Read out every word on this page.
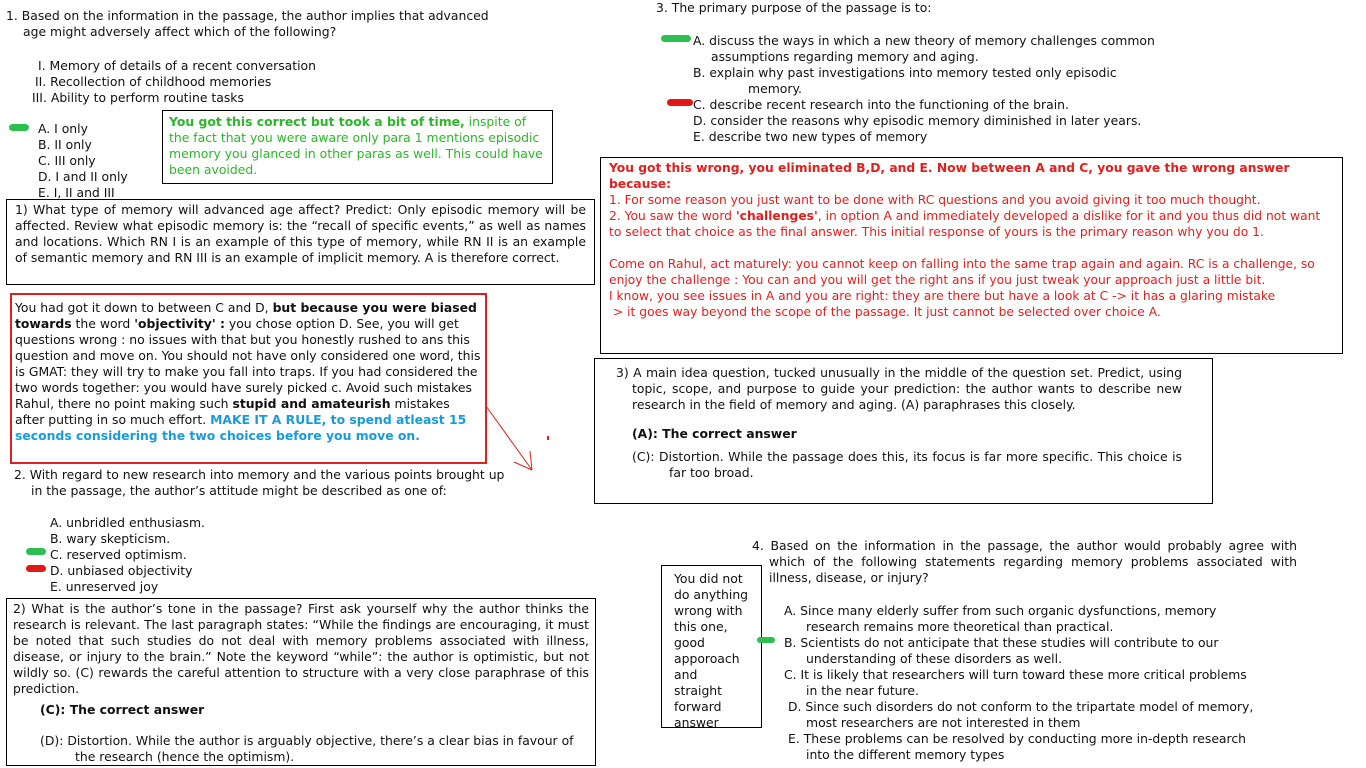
1. Based on the information in the passage, the author implies that advanced
age might adversely affect which of the following?
I. Memory of details of a recent conversation
II. Recollection of childhood memories
III. Ability to perform routine tasks
A. I only
B. II only
C. III only
D. I and II only
E. I, II and III
You got this correct but took a bit of time, inspite of the fact that you were aware only para 1 mentions episodic memory you glanced in other paras as well. This could have been avoided.
1) What type of memory will advanced age affect? Predict: Only episodic memory will be affected. Review what episodic memory is: the “recall of specific events,” as well as names and locations. Which RN I is an example of this type of memory, while RN II is an example of semantic memory and RN III is an example of implicit memory. A is therefore correct.
You had got it down to between C and D, but because you were biased towards the word 'objectivity' : you chose option D. See, you will get questions wrong : no issues with that but you honestly rushed to ans this question and move on. You should not have only considered one word, this is GMAT: they will try to make you fall into traps. If you had considered the two words together: you would have surely picked c. Avoid such mistakes Rahul, there no point making such stupid and amateurish mistakes after putting in so much effort. MAKE IT A RULE, to spend atleast 15 seconds considering the two choices before you move on.
2. With regard to new research into memory and the various points brought up
in the passage, the author’s attitude might be described as one of:
A. unbridled enthusiasm.
B. wary skepticism.
C. reserved optimism.
D. unbiased objectivity
E. unreserved joy
2) What is the author’s tone in the passage? First ask yourself why the author thinks the research is relevant. The last paragraph states: “While the findings are encouraging, it must be noted that such studies do not deal with memory problems associated with illness, disease, or injury to the brain.” Note the keyword “while”: the author is optimistic, but not wildly so. (C) rewards the careful attention to structure with a very close paraphrase of this prediction.
(C): The correct answer
(D): Distortion. While the author is arguably objective, there’s a clear bias in favour of the research (hence the optimism).
3. The primary purpose of the passage is to:
A. discuss the ways in which a new theory of memory challenges common
assumptions regarding memory and aging.
B. explain why past investigations into memory tested only episodic
memory.
C. describe recent research into the functioning of the brain.
D. consider the reasons why episodic memory diminished in later years.
E. describe two new types of memory
You got this wrong, you eliminated B,D, and E. Now between A and C, you gave the wrong answer because:
1. For some reason you just want to be done with RC questions and you avoid giving it too much thought.
2. You saw the word 'challenges', in option A and immediately developed a dislike for it and you thus did not want to select that choice as the final answer. This initial response of yours is the primary reason why you do 1.
Come on Rahul, act maturely: you cannot keep on falling into the same trap again and again. RC is a challenge, so enjoy the challenge : You can and you will get the right ans if you just tweak your approach just a little bit.
I know, you see issues in A and you are right: they are there but have a look at C -> it has a glaring mistake
> it goes way beyond the scope of the passage. It just cannot be selected over choice A.
3) A main idea question, tucked unusually in the middle of the question set. Predict, using topic, scope, and purpose to guide your prediction: the author wants to describe new research in the field of memory and aging. (A) paraphrases this closely.
(A): The correct answer
(C): Distortion. While the passage does this, its focus is far more specific. This choice is far too broad.
4. Based on the information in the passage, the author would probably agree with which of the following statements regarding memory problems associated with illness, disease, or injury?
You did not do anything wrong with this one, good apporoach and straight forward answer
A. Since many elderly suffer from such organic dysfunctions, memory
research remains more theoretical than practical.
B. Scientists do not anticipate that these studies will contribute to our
understanding of these disorders as well.
C. It is likely that researchers will turn toward these more critical problems
in the near future.
D. Since such disorders do not conform to the tripartate model of memory,
most researchers are not interested in them
E. These problems can be resolved by conducting more in-depth research
into the different memory types
